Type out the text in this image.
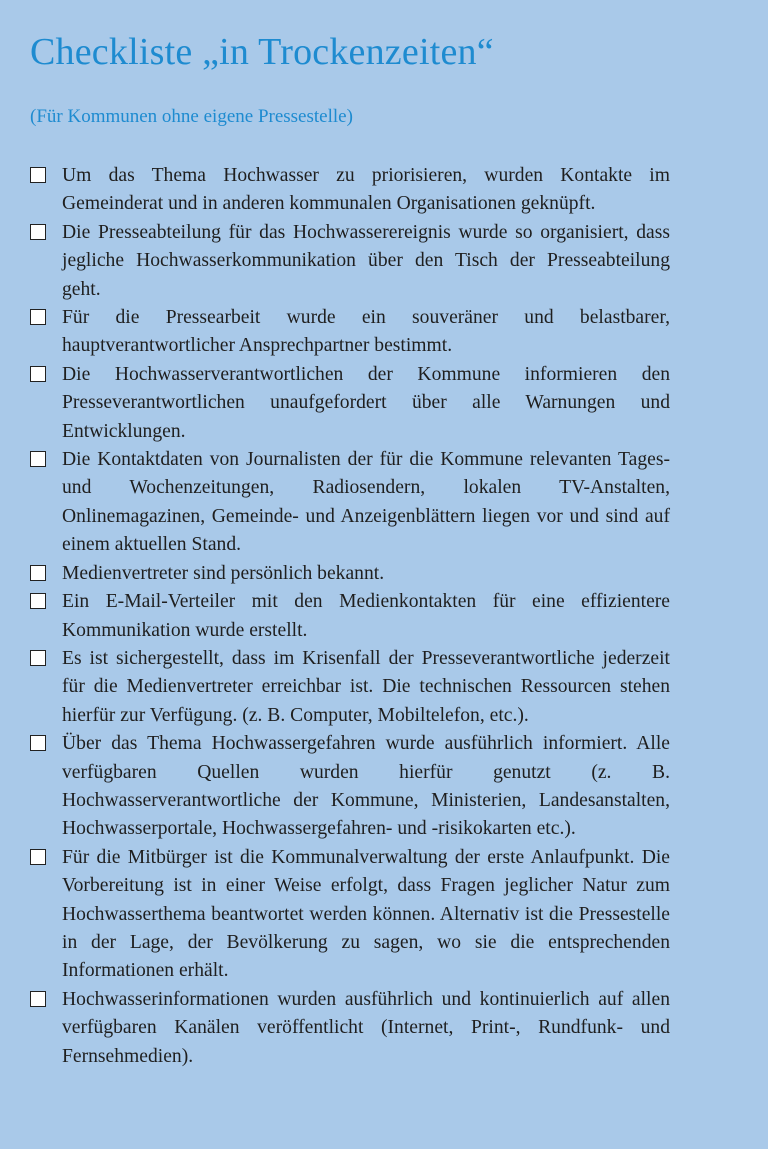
Checkliste „in Trockenzeiten“

(Für Kommunen ohne eigene Pressestelle)

Um das Thema Hochwasser zu priorisieren, wurden Kontakte im Gemeinderat und in anderen kommunalen Organisationen geknüpft.
Die Presseabteilung für das Hochwasserereignis wurde so organisiert, dass jegliche Hochwasserkommunikation über den Tisch der Presseabteilung geht.
Für die Pressearbeit wurde ein souveräner und belastbarer, hauptverantwortlicher Ansprechpartner bestimmt.
Die Hochwasserverantwortlichen der Kommune informieren den Presseverantwortlichen unaufgefordert über alle Warnungen und Entwicklungen.
Die Kontaktdaten von Journalisten der für die Kommune relevanten Tages- und Wochenzeitungen, Radiosendern, lokalen TV-Anstalten, Onlinemagazinen, Gemeinde- und Anzeigenblättern liegen vor und sind auf einem aktuellen Stand.
Medienvertreter sind persönlich bekannt.
Ein E-Mail-Verteiler mit den Medienkontakten für eine effizientere Kommunikation wurde erstellt.
Es ist sichergestellt, dass im Krisenfall der Presseverantwortliche jederzeit für die Medienvertreter erreichbar ist. Die technischen Ressourcen stehen hierfür zur Verfügung. (z. B. Computer, Mobiltelefon, etc.).
Über das Thema Hochwassergefahren wurde ausführlich informiert. Alle verfügbaren Quellen wurden hierfür genutzt (z. B. Hochwasserverantwortliche der Kommune, Ministerien, Landesanstalten, Hochwasserportale, Hochwassergefahren- und -risikokarten etc.).
Für die Mitbürger ist die Kommunalverwaltung der erste Anlaufpunkt. Die Vorbereitung ist in einer Weise erfolgt, dass Fragen jeglicher Natur zum Hochwasserthema beantwortet werden können. Alternativ ist die Pressestelle in der Lage, der Bevölkerung zu sagen, wo sie die entsprechenden Informationen erhält.
Hochwasserinformationen wurden ausführlich und kontinuierlich auf allen verfügbaren Kanälen veröffentlicht (Internet, Print-, Rundfunk- und Fernsehmedien).
